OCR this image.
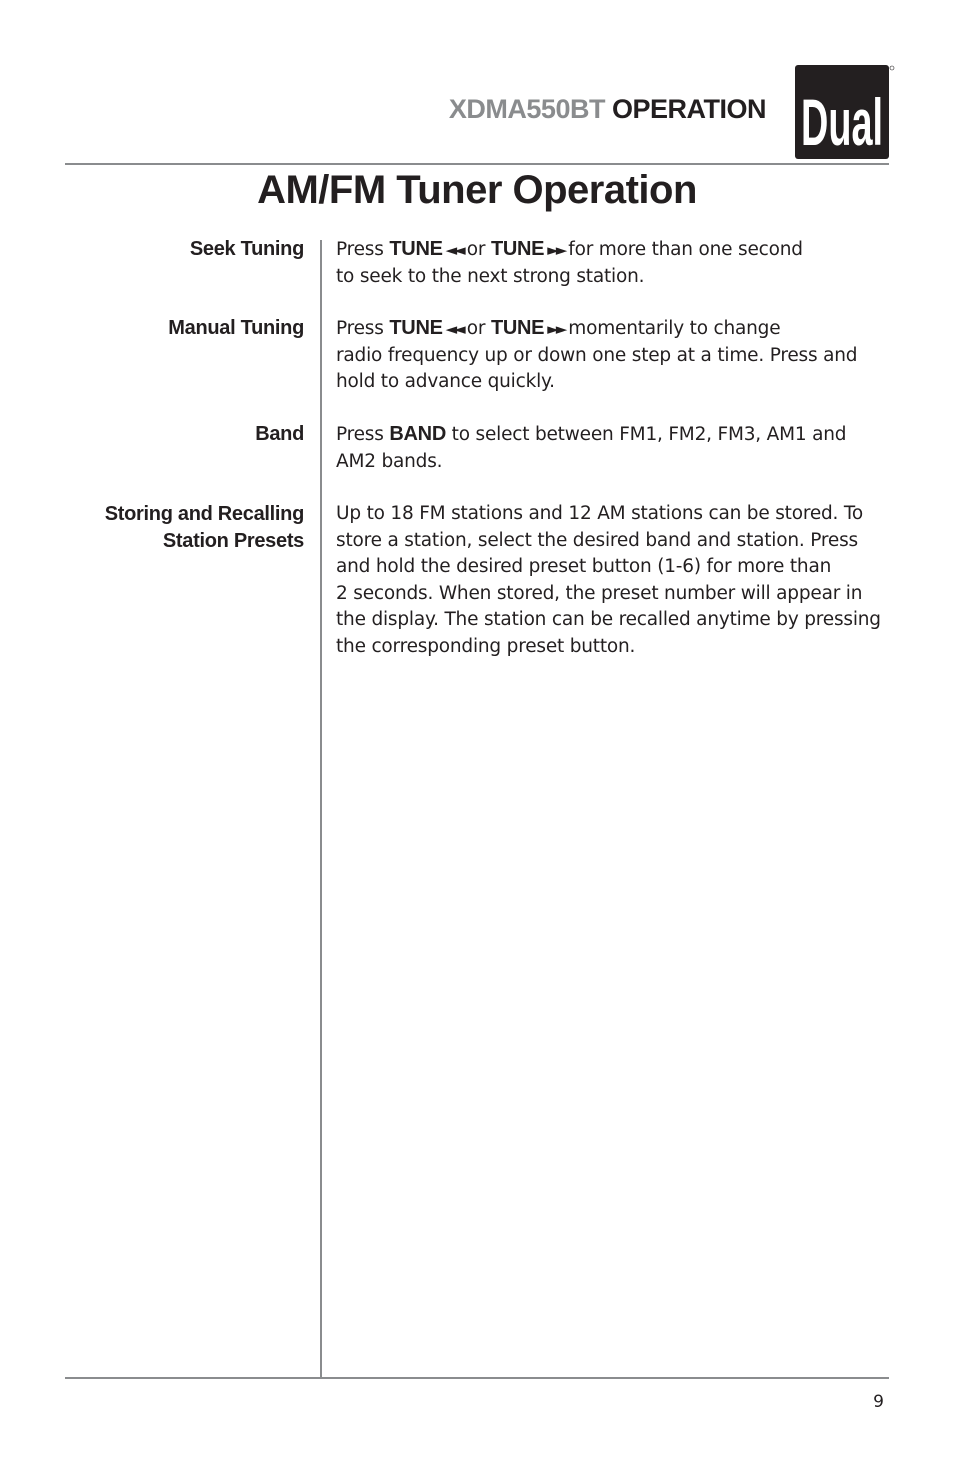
XDMA550BT OPERATION Dual
AM/FM Tuner Operation
Seek Tuning Press TUNE ◄◄ or TUNE ►► for more than one second
to seek to the next strong station.
Manual Tuning Press TUNE ◄◄ or TUNE ►► momentarily to change
radio frequency up or down one step at a time. Press and
hold to advance quickly.
Band Press BAND to select between FM1, FM2, FM3, AM1 and
AM2 bands.
Storing and Recalling
Station Presets
Up to 18 FM stations and 12 AM stations can be stored. To
store a station, select the desired band and station. Press
and hold the desired preset button (1-6) for more than
2 seconds. When stored, the preset number will appear in
the display. The station can be recalled anytime by pressing
the corresponding preset button.
9
